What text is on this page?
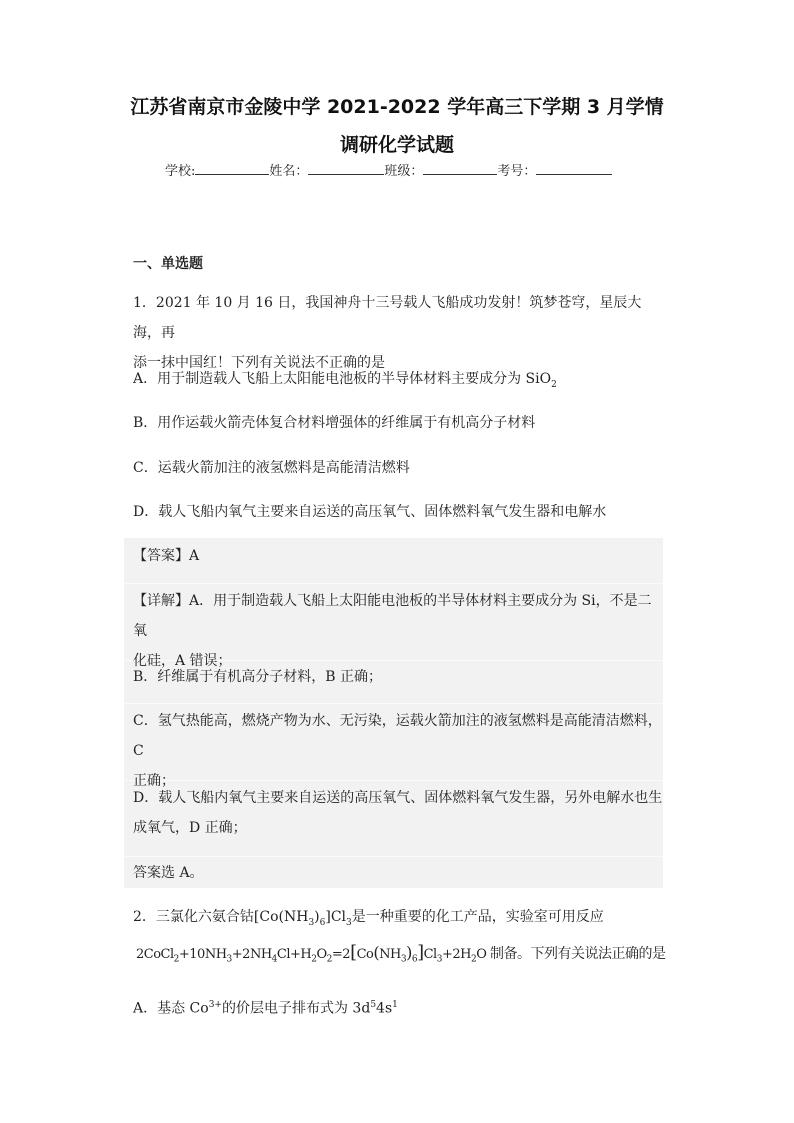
江苏省南京市金陵中学 2021-2022 学年高三下学期 3 月学情
调研化学试题
学校:	姓名：	班级：	考号：
一、单选题
1．2021 年 10 月 16 日，我国神舟十三号载人飞船成功发射！筑梦苍穹，星辰大海，再
添一抹中国红！下列有关说法不正确的是
A．用于制造载人飞船上太阳能电池板的半导体材料主要成分为 SiO$_2$
B．用作运载火箭壳体复合材料增强体的纤维属于有机高分子材料
C．运载火箭加注的液氢燃料是高能清洁燃料
D．载人飞船内氧气主要来自运送的高压氧气、固体燃料氧气发生器和电解水
【答案】A
【详解】A．用于制造载人飞船上太阳能电池板的半导体材料主要成分为 Si，不是二氧
化硅，A 错误；
B．纤维属于有机高分子材料，B 正确；
C．氢气热能高，燃烧产物为水、无污染，运载火箭加注的液氢燃料是高能清洁燃料，C
正确；
D．载人飞船内氧气主要来自运送的高压氧气、固体燃料氧气发生器，另外电解水也生
成氧气，D 正确；
答案选 A。
2．三氯化六氨合钴$[Co(NH_3)_6]Cl_3$是一种重要的化工产品，实验室可用反应
$2CoCl_2+10NH_3+2NH_4Cl+H_2O_2=2[Co(NH_3)_6]Cl_3+2H_2O$ 制备。下列有关说法正确的是
A．基态 $Co^{3+}$的价层电子排布式为 $3d^54s^1$
